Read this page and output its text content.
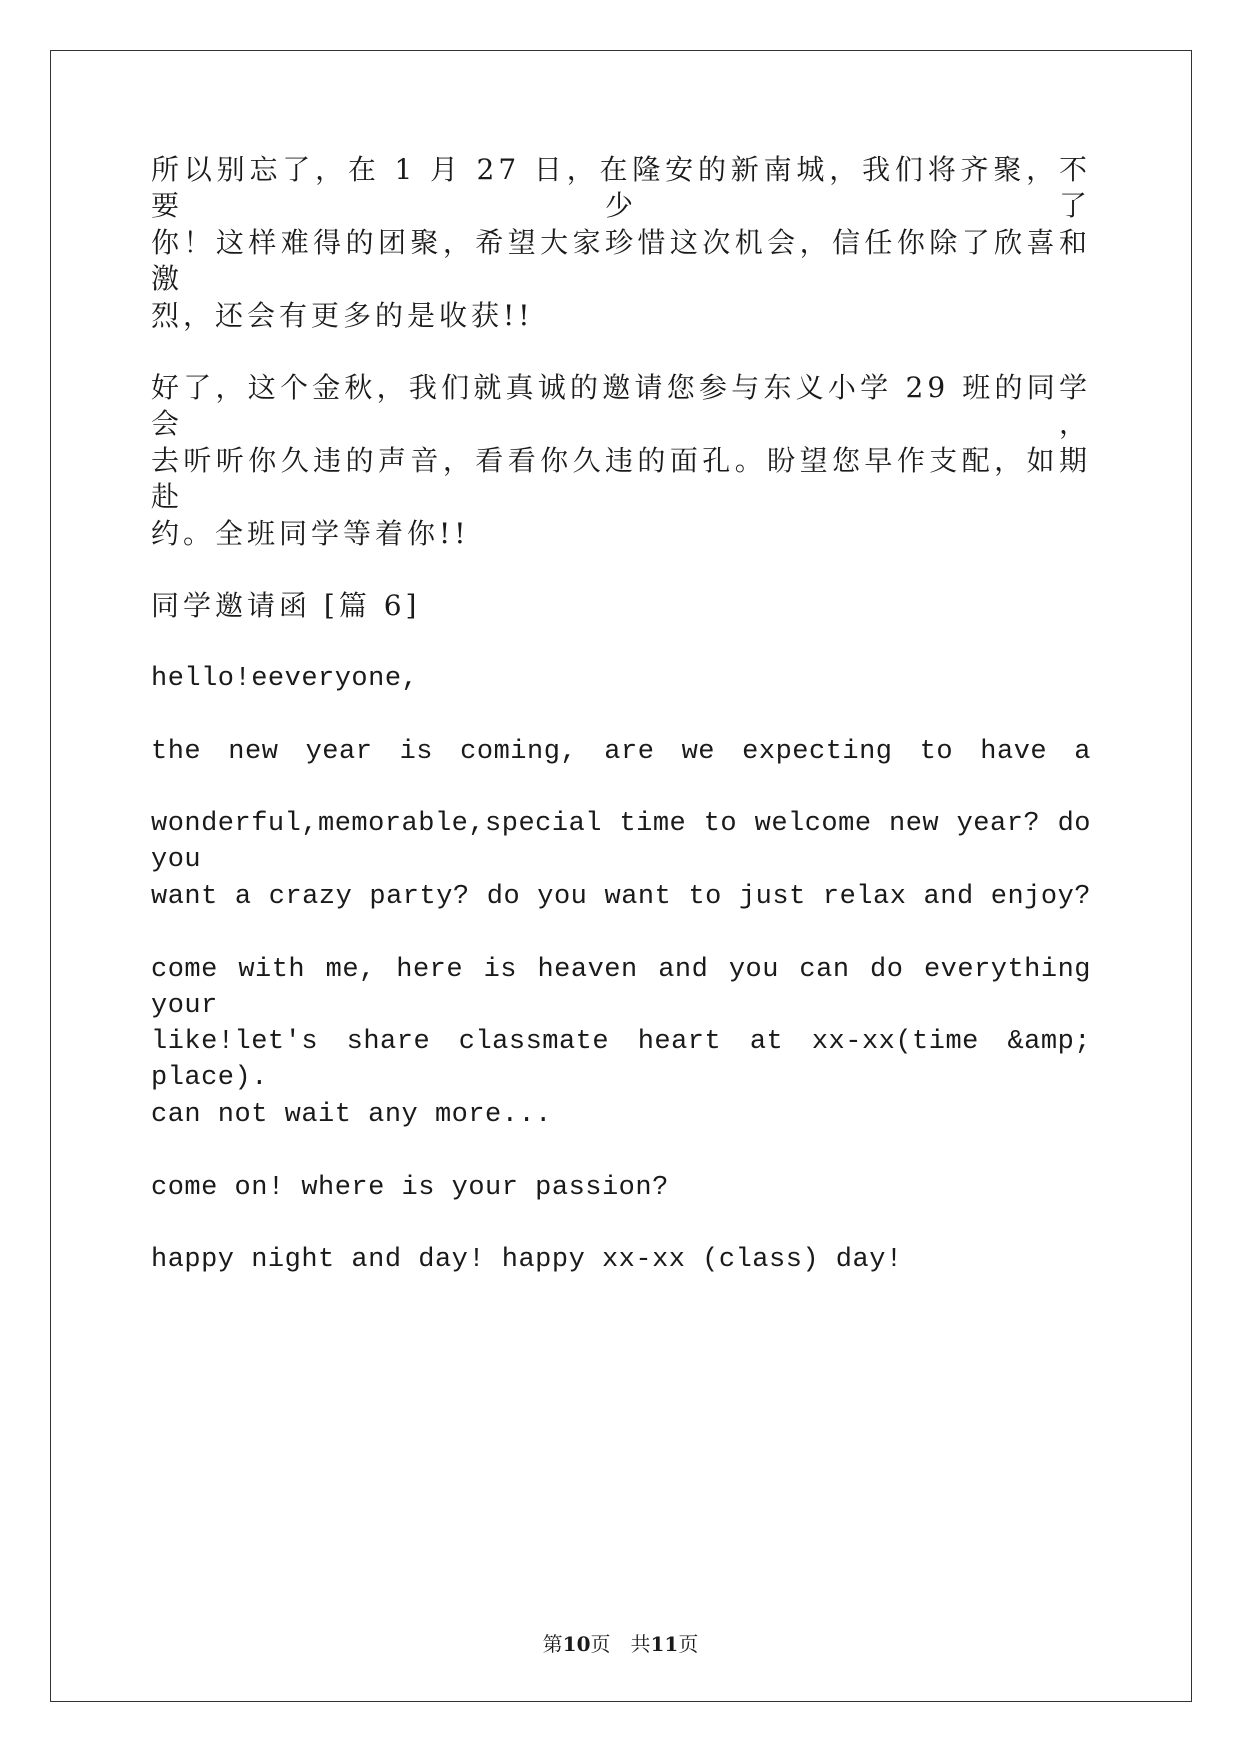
所以别忘了，在 1 月 27 日，在隆安的新南城，我们将齐聚，不要少了
你！这样难得的团聚，希望大家珍惜这次机会，信任你除了欣喜和激
烈，还会有更多的是收获!!
好了，这个金秋，我们就真诚的邀请您参与东义小学 29 班的同学会，
去听听你久违的声音，看看你久违的面孔。盼望您早作支配，如期赴
约。全班同学等着你!!
同学邀请函 [篇 6]
hello!eeveryone,
the new year is coming, are we expecting to have a
wonderful,memorable,special time to welcome new year? do you
want a crazy party? do you want to just relax and enjoy?
come with me, here is heaven and you can do everything your
like!let's share classmate heart at xx-xx(time &amp; place).
can not wait any more...
come on! where is your passion?
happy night and day! happy xx-xx (class) day!
第10页　共11页
